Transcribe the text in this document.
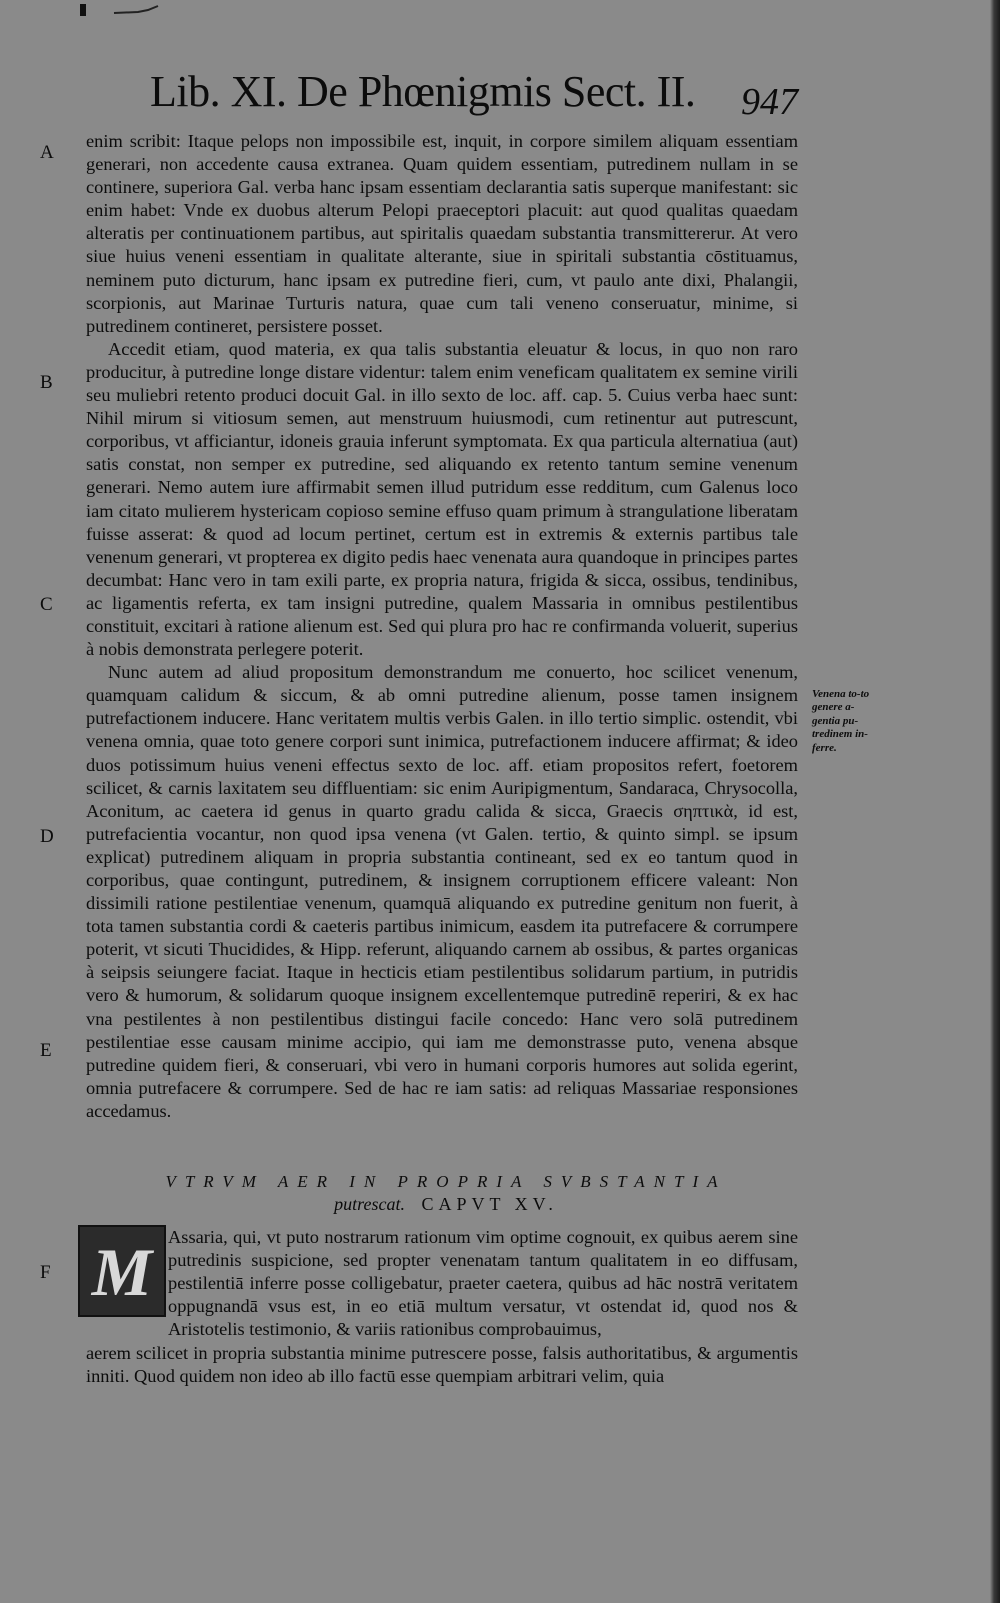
Lib. XI. De Phœnigmis Sect. II. 947
A
B
C
D
E
F
Venena to-to genere a-gentia pu-tredinem in-ferre.

enim scribit: Itaque pelops non impossibile est, inquit, in corpore similem aliquam essentiam generari, non accedente causa extranea. Quam quidem essentiam, putredinem nullam in se continere, superiora Gal. verba hanc ipsam essentiam declarantia satis superque manifestant: sic enim habet: Vnde ex duobus alterum Pelopi praeceptori placuit: aut quod qualitas quaedam alteratis per continuationem partibus, aut spiritalis quaedam substantia transmittererur. At vero siue huius veneni essentiam in qualitate alterante, siue in spiritali substantia cōstituamus, neminem puto dicturum, hanc ipsam ex putredine fieri, cum, vt paulo ante dixi, Phalangii, scorpionis, aut Marinae Turturis natura, quae cum tali veneno conseruatur, minime, si putredinem contineret, persistere posset.

Accedit etiam, quod materia, ex qua talis substantia eleuatur & locus, in quo non raro producitur, à putredine longe distare videntur: talem enim veneficam qualitatem ex semine virili seu muliebri retento produci docuit Gal. in illo sexto de loc. aff. cap. 5. Cuius verba haec sunt: Nihil mirum si vitiosum semen, aut menstruum huiusmodi, cum retinentur aut putrescunt, corporibus, vt afficiantur, idoneis grauia inferunt symptomata. Ex qua particula alternatiua (aut) satis constat, non semper ex putredine, sed aliquando ex retento tantum semine venenum generari. Nemo autem iure affirmabit semen illud putridum esse redditum, cum Galenus loco iam citato mulierem hystericam copioso semine effuso quam primum à strangulatione liberatam fuisse asserat: & quod ad locum pertinet, certum est in extremis & externis partibus tale venenum generari, vt propterea ex digito pedis haec venenata aura quandoque in principes partes decumbat: Hanc vero in tam exili parte, ex propria natura, frigida & sicca, ossibus, tendinibus, ac ligamentis referta, ex tam insigni putredine, qualem Massaria in omnibus pestilentibus constituit, excitari à ratione alienum est. Sed qui plura pro hac re confirmanda voluerit, superius à nobis demonstrata perlegere poterit.

Nunc autem ad aliud propositum demonstrandum me conuerto, hoc scilicet venenum, quamquam calidum & siccum, & ab omni putredine alienum, posse tamen insignem putrefactionem inducere. Hanc veritatem multis verbis Galen. in illo tertio simplic. ostendit, vbi venena omnia, quae toto genere corpori sunt inimica, putrefactionem inducere affirmat; & ideo duos potissimum huius veneni effectus sexto de loc. aff. etiam propositos refert, foetorem scilicet, & carnis laxitatem seu diffluentiam: sic enim Auripigmentum, Sandaraca, Chrysocolla, Aconitum, ac caetera id genus in quarto gradu calida & sicca, Graecis σηπτικὰ, id est, putrefacientia vocantur, non quod ipsa venena (vt Galen. tertio, & quinto simpl. se ipsum explicat) putredinem aliquam in propria substantia contineant, sed ex eo tantum quod in corporibus, quae contingunt, putredinem, & insignem corruptionem efficere valeant: Non dissimili ratione pestilentiae venenum, quamquā aliquando ex putredine genitum non fuerit, à tota tamen substantia cordi & caeteris partibus inimicum, easdem ita putrefacere & corrumpere poterit, vt sicuti Thucidides, & Hipp. referunt, aliquando carnem ab ossibus, & partes organicas à seipsis seiungere faciat. Itaque in hecticis etiam pestilentibus solidarum partium, in putridis vero & humorum, & solidarum quoque insignem excellentemque putredinē reperiri, & ex hac vna pestilentes à non pestilentibus distingui facile concedo: Hanc vero solā putredinem pestilentiae esse causam minime accipio, qui iam me demonstrasse puto, venena absque putredine quidem fieri, & conseruari, vbi vero in humani corporis humores aut solida egerint, omnia putrefacere & corrumpere. Sed de hac re iam satis: ad reliquas Massariae responsiones accedamus.

VTRVM AER IN PROPRIA SVBSTANTIA
putrescat. CAPVT XV.
M Assaria, qui, vt puto nostrarum rationum vim optime cognouit, ex quibus aerem sine putredinis suspicione, sed propter venenatam tantum qualitatem in eo diffusam, pestilentiā inferre posse colligebatur, praeter caetera, quibus ad hāc nostrā veritatem oppugnandā vsus est, in eo etiā multum versatur, vt ostendat id, quod nos & Aristotelis testimonio, & variis rationibus comprobauimus,

aerem scilicet in propria substantia minime putrescere posse, falsis authoritatibus, & argumentis inniti. Quod quidem non ideo ab illo factū esse quempiam arbitrari velim, quia
